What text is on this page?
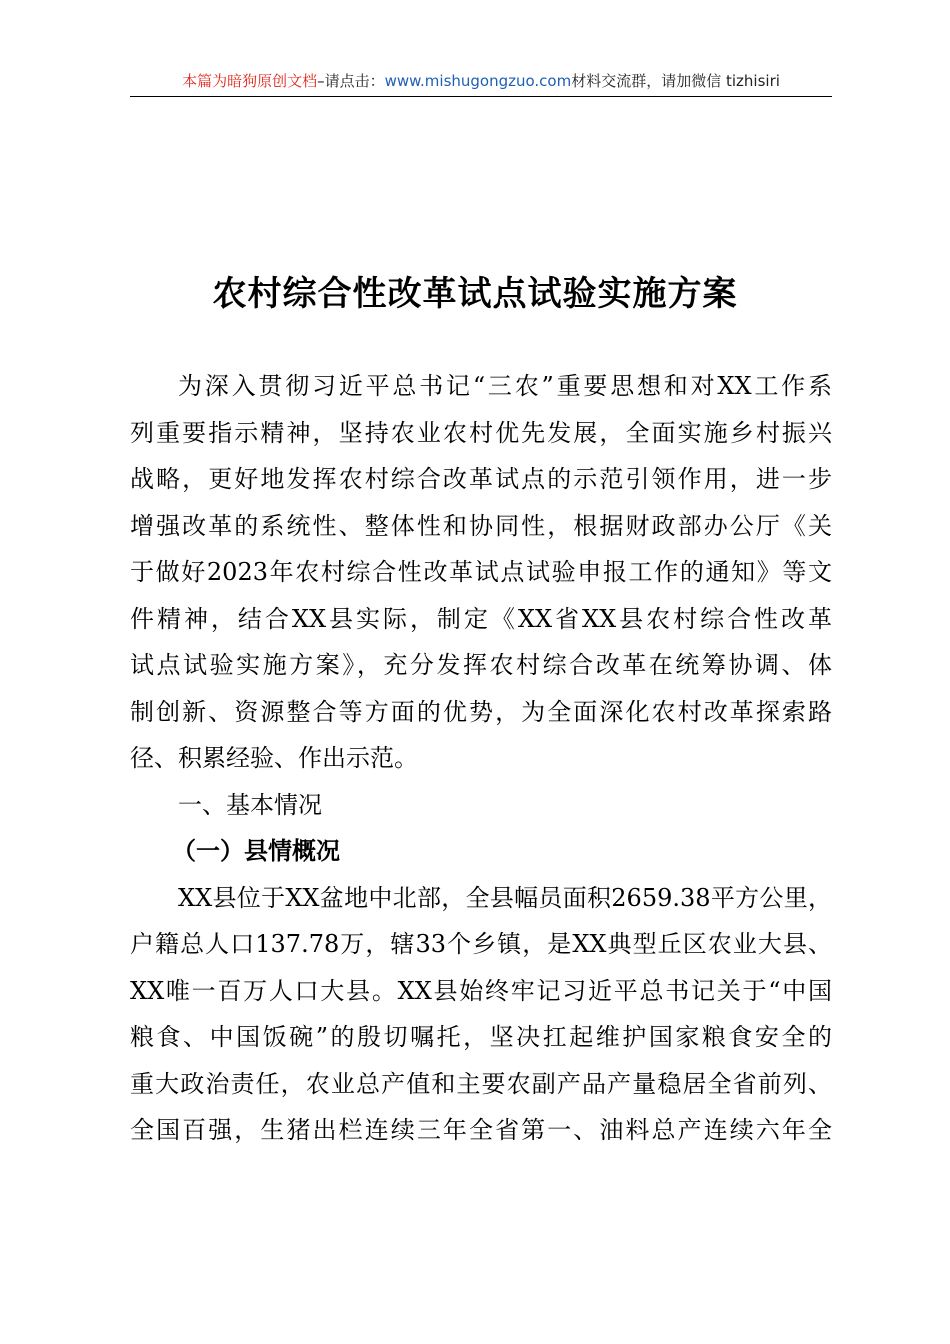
本篇为暗狗原创文档–请点击：www.mishugongzuo.com材料交流群，请加微信 tizhisiri
农村综合性改革试点试验实施方案
为深入贯彻习近平总书记“三农”重要思想和对XX工作系
列重要指示精神，坚持农业农村优先发展，全面实施乡村振兴
战略，更好地发挥农村综合改革试点的示范引领作用，进一步
增强改革的系统性、整体性和协同性，根据财政部办公厅《关
于做好2023年农村综合性改革试点试验申报工作的通知》等文
件精神，结合XX县实际，制定《XX省XX县农村综合性改革
试点试验实施方案》，充分发挥农村综合改革在统筹协调、体
制创新、资源整合等方面的优势，为全面深化农村改革探索路
径、积累经验、作出示范。
一、基本情况
（一）县情概况
XX县位于XX盆地中北部，全县幅员面积2659.38平方公里，
户籍总人口137.78万，辖33个乡镇，是XX典型丘区农业大县、
XX唯一百万人口大县。XX县始终牢记习近平总书记关于“中国
粮食、中国饭碗”的殷切嘱托，坚决扛起维护国家粮食安全的
重大政治责任，农业总产值和主要农副产品产量稳居全省前列、
全国百强，生猪出栏连续三年全省第一、油料总产连续六年全
